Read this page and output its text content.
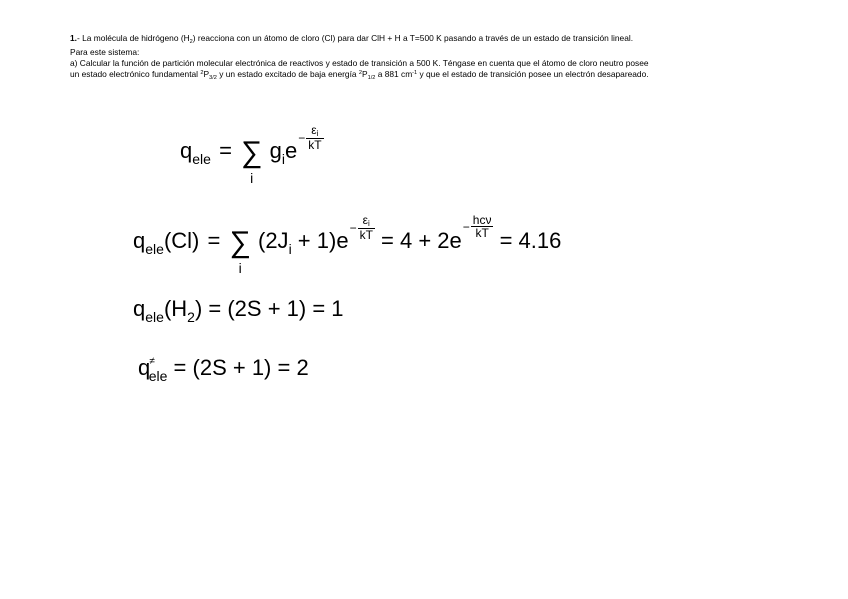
1.- La molécula de hidrógeno $(H_2)$ reacciona con un átomo de cloro (Cl) para dar ClH + H a T=500 K pasando a través de un estado de transición lineal.

Para este sistema:

a) Calcular la función de partición molecular electrónica de reactivos y estado de transición a 500 K. Téngase en cuenta que el átomo de cloro neutro posee

un estado electrónico fundamental $^2P_{3/2}$ y un estado excitado de baja energía $^2P_{1/2}$ a 881 $cm^{-1}$ y que el estado de transición posee un electrón desapareado.

$q_{ele}$ = ∑
i
$g_ie- \frac{\varepsilon i}{kT}$
$q_{ele}(Cl)$ = ∑
i
$(2J_i + 1)e- \frac{\varepsilon i}{kT} = 4 + 2e- \frac{\text{hcν}}{kT}$
= 4.16
$q_{ele}(H_2) = (2S + 1) = 1$
$q^\ne_{ele} = (2S + 1) = 2$
